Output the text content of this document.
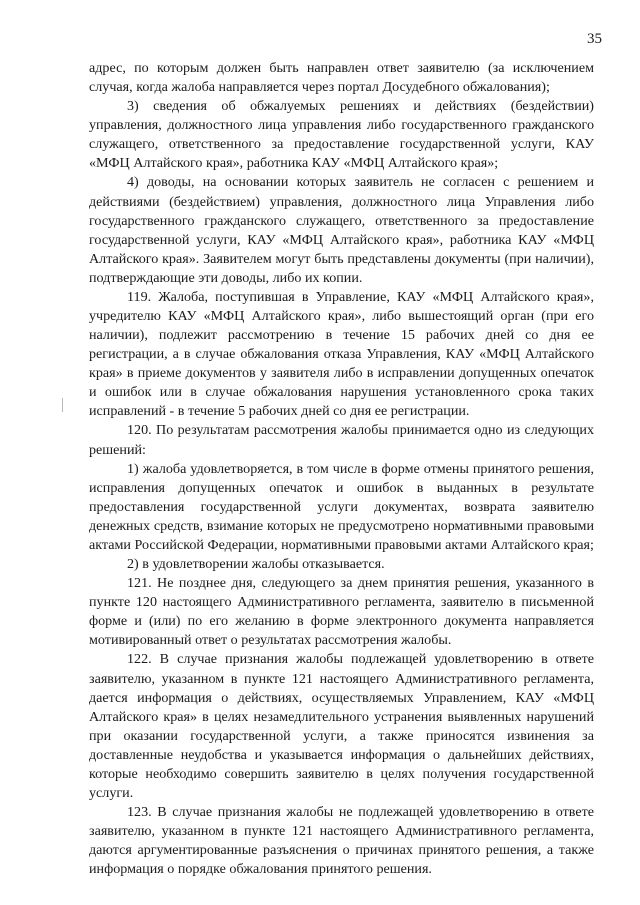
35

адрес, по которым должен быть направлен ответ заявителю (за исключением случая, когда жалоба направляется через портал Досудебного обжалования);

3) сведения об обжалуемых решениях и действиях (бездействии) управления, должностного лица управления либо государственного гражданского служащего, ответственного за предоставление государственной услуги, КАУ «МФЦ Алтайского края», работника КАУ «МФЦ Алтайского края»;

4) доводы, на основании которых заявитель не согласен с решением и действиями (бездействием) управления, должностного лица Управления либо государственного гражданского служащего, ответственного за предоставление государственной услуги, КАУ «МФЦ Алтайского края», работника КАУ «МФЦ Алтайского края». Заявителем могут быть представлены документы (при наличии), подтверждающие эти доводы, либо их копии.

119. Жалоба, поступившая в Управление, КАУ «МФЦ Алтайского края», учредителю КАУ «МФЦ Алтайского края», либо вышестоящий орган (при его наличии), подлежит рассмотрению в течение 15 рабочих дней со дня ее регистрации, а в случае обжалования отказа Управления, КАУ «МФЦ Алтайского края» в приеме документов у заявителя либо в исправлении допущенных опечаток и ошибок или в случае обжалования нарушения установленного срока таких исправлений - в течение 5 рабочих дней со дня ее регистрации.

120. По результатам рассмотрения жалобы принимается одно из следующих решений:

1) жалоба удовлетворяется, в том числе в форме отмены принятого решения, исправления допущенных опечаток и ошибок в выданных в результате предоставления государственной услуги документах, возврата заявителю денежных средств, взимание которых не предусмотрено нормативными правовыми актами Российской Федерации, нормативными правовыми актами Алтайского края;

2) в удовлетворении жалобы отказывается.

121. Не позднее дня, следующего за днем принятия решения, указанного в пункте 120 настоящего Административного регламента, заявителю в письменной форме и (или) по его желанию в форме электронного документа направляется мотивированный ответ о результатах рассмотрения жалобы.

122. В случае признания жалобы подлежащей удовлетворению в ответе заявителю, указанном в пункте 121 настоящего Административного регламента, дается информация о действиях, осуществляемых Управлением, КАУ «МФЦ Алтайского края» в целях незамедлительного устранения выявленных нарушений при оказании государственной услуги, а также приносятся извинения за доставленные неудобства и указывается информация о дальнейших действиях, которые необходимо совершить заявителю в целях получения государственной услуги.

123. В случае признания жалобы не подлежащей удовлетворению в ответе заявителю, указанном в пункте 121 настоящего Административного регламента, даются аргументированные разъяснения о причинах принятого решения, а также информация о порядке обжалования принятого решения.
